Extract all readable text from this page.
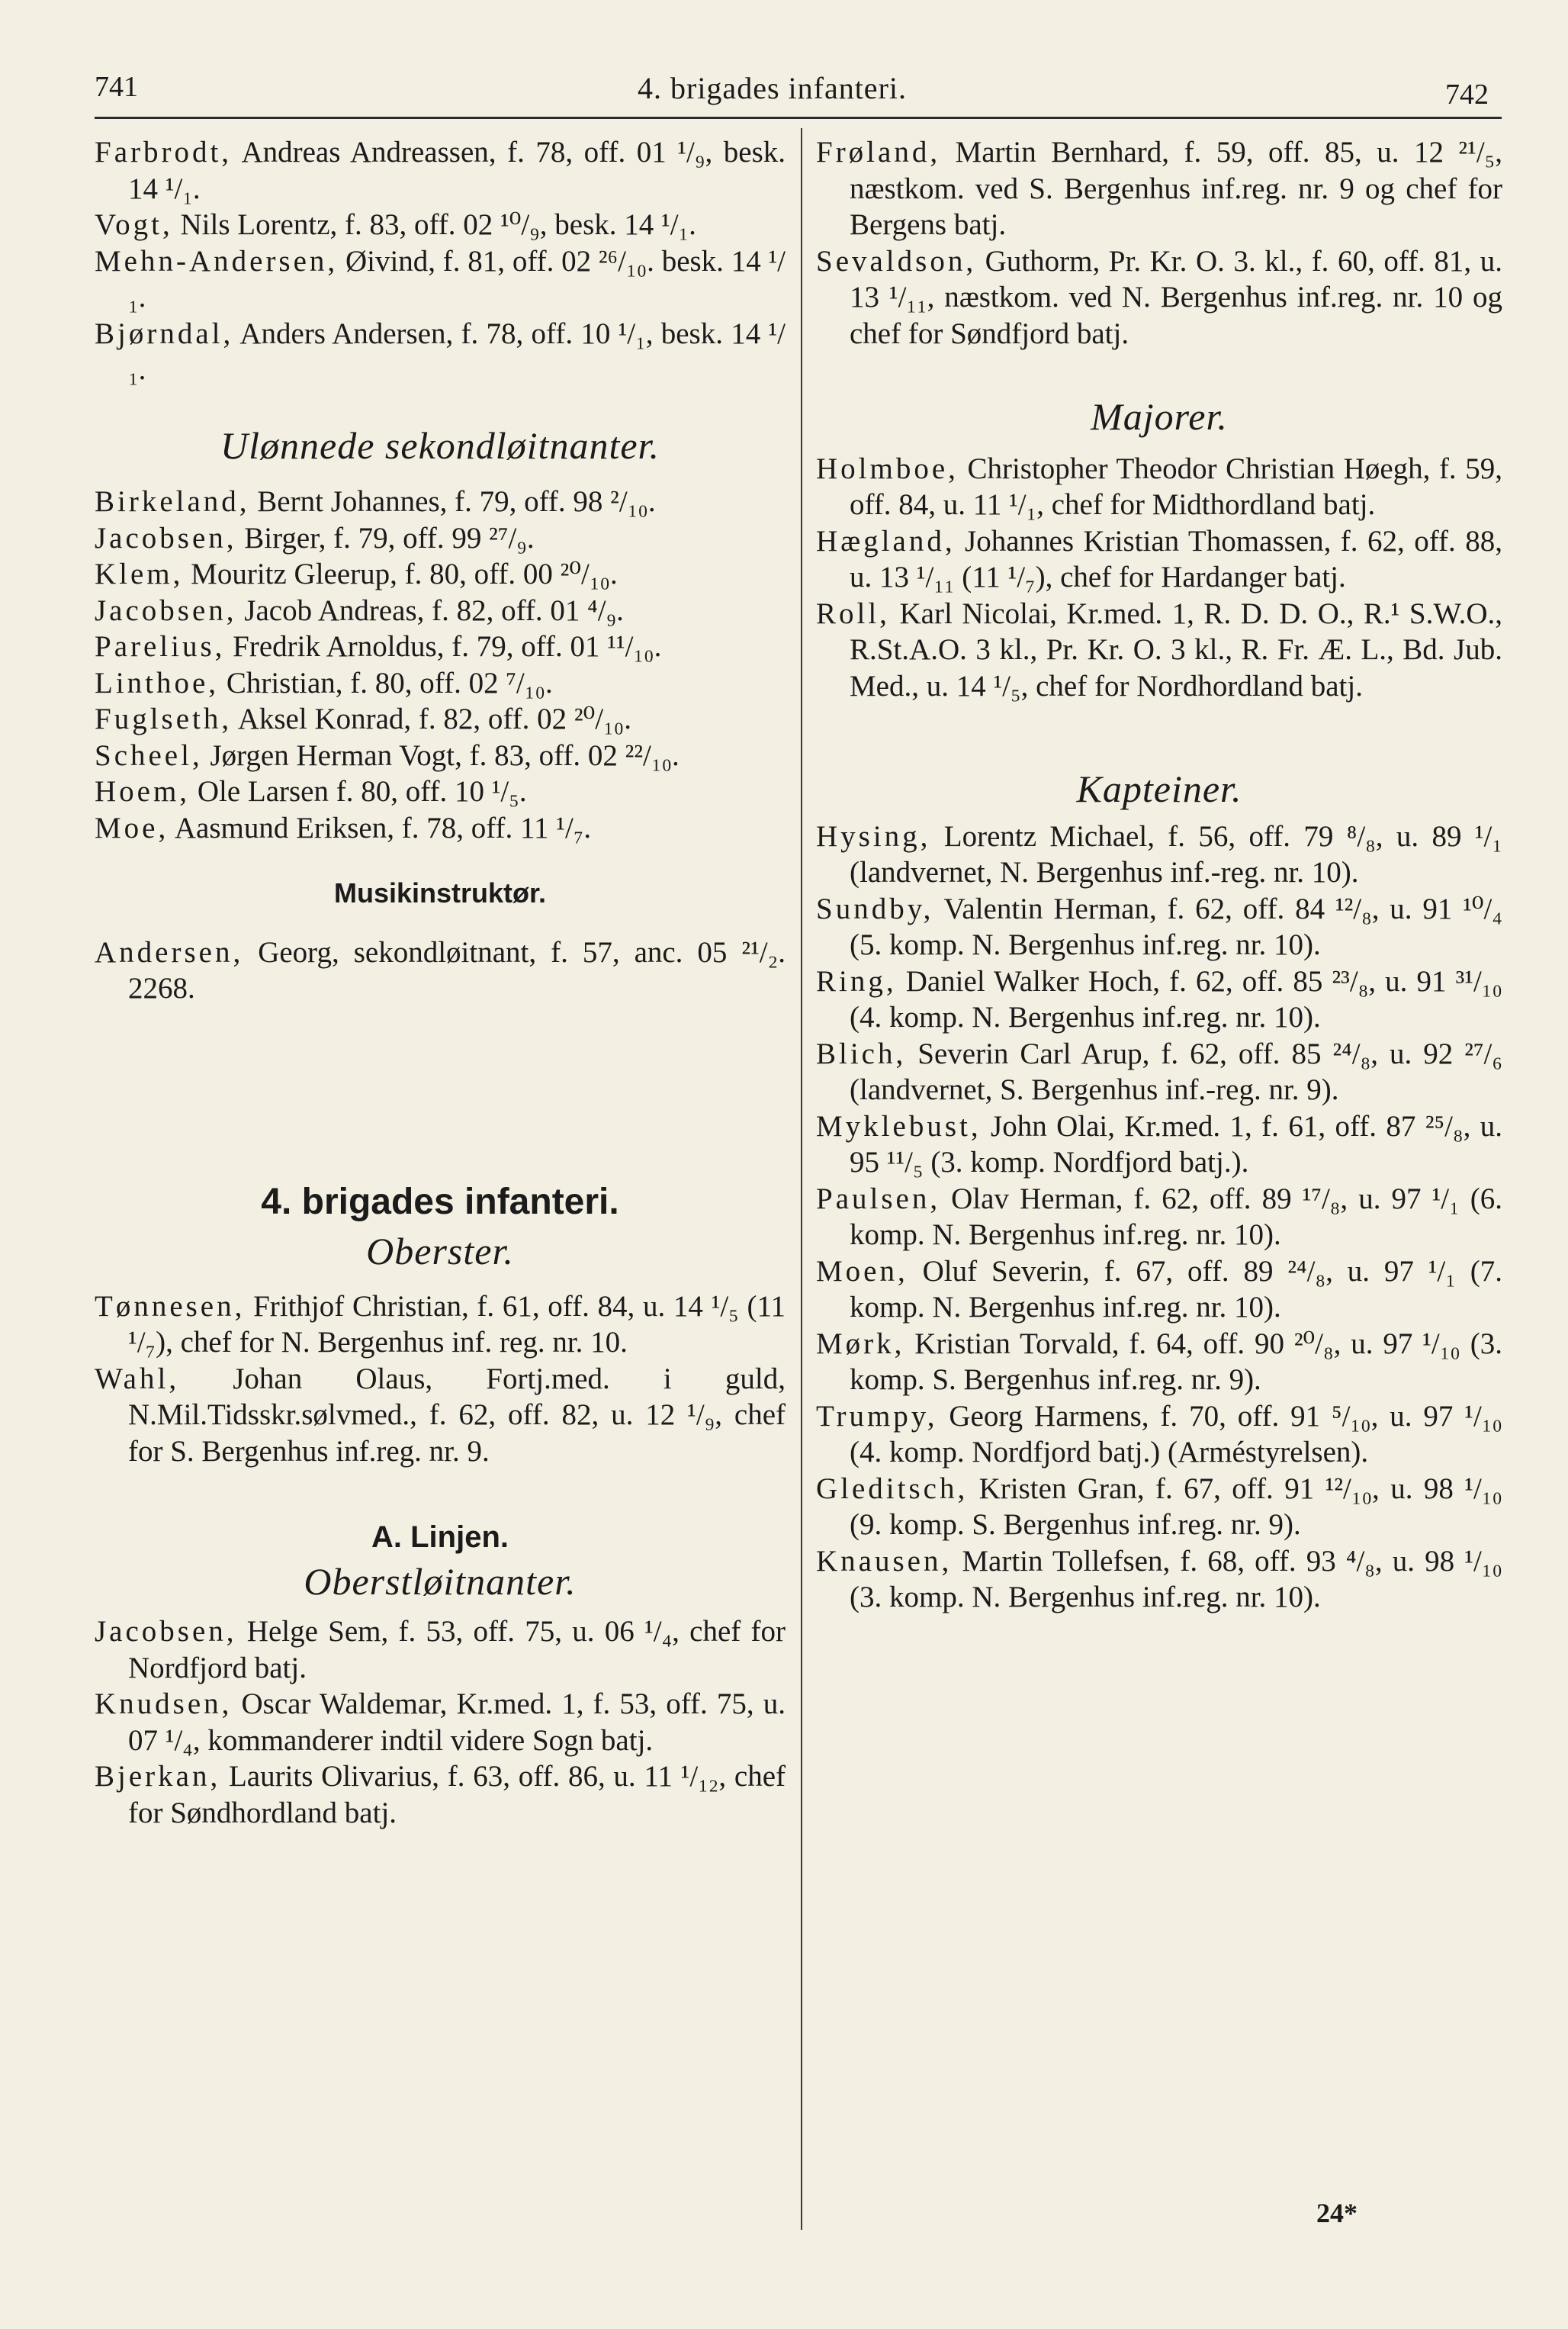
741	4. brigades infanteri.	742

Farbrodt, Andreas Andreassen, f. 78, off. 01 ¹/₉, besk. 14 ¹/₁.

Vogt, Nils Lorentz, f. 83, off. 02 ¹⁰/₉, besk. 14 ¹/₁.

Mehn-Andersen, Øivind, f. 81, off. 02 ²⁶/₁₀. besk. 14 ¹/₁.

Bjørndal, Anders Andersen, f. 78, off. 10 ¹/₁, besk. 14 ¹/₁.

Ulønnede sekondløitnanter.

Birkeland, Bernt Johannes, f. 79, off. 98 ²/₁₀.

Jacobsen, Birger, f. 79, off. 99 ²⁷/₉.

Klem, Mouritz Gleerup, f. 80, off. 00 ²⁰/₁₀.

Jacobsen, Jacob Andreas, f. 82, off. 01 ⁴/₉.

Parelius, Fredrik Arnoldus, f. 79, off. 01 ¹¹/₁₀.

Linthoe, Christian, f. 80, off. 02 ⁷/₁₀.

Fuglseth, Aksel Konrad, f. 82, off. 02 ²⁰/₁₀.

Scheel, Jørgen Herman Vogt, f. 83, off. 02 ²²/₁₀.

Hoem, Ole Larsen f. 80, off. 10 ¹/₅.

Moe, Aasmund Eriksen, f. 78, off. 11 ¹/₇.

Musikinstruktør.

Andersen, Georg, sekondløitnant, f. 57, anc. 05 ²¹/₂. 2268.

4. brigades infanteri.

Oberster.

Tønnesen, Frithjof Christian, f. 61, off. 84, u. 14 ¹/₅ (11 ¹/₇), chef for N. Bergenhus inf. reg. nr. 10.

Wahl, Johan Olaus, Fortj.med. i guld, N.Mil.Tidsskr.sølvmed., f. 62, off. 82, u. 12 ¹/₉, chef for S. Bergenhus inf.reg. nr. 9.

A. Linjen.

Oberstløitnanter.

Jacobsen, Helge Sem, f. 53, off. 75, u. 06 ¹/₄, chef for Nordfjord batj.

Knudsen, Oscar Waldemar, Kr.med. 1, f. 53, off. 75, u. 07 ¹/₄, kommanderer indtil videre Sogn batj.

Bjerkan, Laurits Olivarius, f. 63, off. 86, u. 11 ¹/₁₂, chef for Søndhordland batj.

Frøland, Martin Bernhard, f. 59, off. 85, u. 12 ²¹/₅, næstkom. ved S. Bergenhus inf.reg. nr. 9 og chef for Bergens batj.

Sevaldson, Guthorm, Pr. Kr. O. 3. kl., f. 60, off. 81, u. 13 ¹/₁₁, næstkom. ved N. Bergenhus inf.reg. nr. 10 og chef for Søndfjord batj.

Majorer.

Holmboe, Christopher Theodor Christian Høegh, f. 59, off. 84, u. 11 ¹/₁, chef for Midthordland batj.

Hægland, Johannes Kristian Thomassen, f. 62, off. 88, u. 13 ¹/₁₁ (11 ¹/₇), chef for Hardanger batj.

Roll, Karl Nicolai, Kr.med. 1, R. D. D. O., R.¹ S.W.O., R.St.A.O. 3 kl., Pr. Kr. O. 3 kl., R. Fr. Æ. L., Bd. Jub. Med., u. 14 ¹/₅, chef for Nordhordland batj.

Kapteiner.

Hysing, Lorentz Michael, f. 56, off. 79 ⁸/₈, u. 89 ¹/₁ (landvernet, N. Bergenhus inf.-reg. nr. 10).

Sundby, Valentin Herman, f. 62, off. 84 ¹²/₈, u. 91 ¹⁰/₄ (5. komp. N. Bergenhus inf.reg. nr. 10).

Ring, Daniel Walker Hoch, f. 62, off. 85 ²³/₈, u. 91 ³¹/₁₀ (4. komp. N. Bergenhus inf.reg. nr. 10).

Blich, Severin Carl Arup, f. 62, off. 85 ²⁴/₈, u. 92 ²⁷/₆ (landvernet, S. Bergenhus inf.-reg. nr. 9).

Myklebust, John Olai, Kr.med. 1, f. 61, off. 87 ²⁵/₈, u. 95 ¹¹/₅ (3. komp. Nordfjord batj.).

Paulsen, Olav Herman, f. 62, off. 89 ¹⁷/₈, u. 97 ¹/₁ (6. komp. N. Bergenhus inf.reg. nr. 10).

Moen, Oluf Severin, f. 67, off. 89 ²⁴/₈, u. 97 ¹/₁ (7. komp. N. Bergenhus inf.reg. nr. 10).

Mørk, Kristian Torvald, f. 64, off. 90 ²⁰/₈, u. 97 ¹/₁₀ (3. komp. S. Bergenhus inf.reg. nr. 9).

Trumpy, Georg Harmens, f. 70, off. 91 ⁵/₁₀, u. 97 ¹/₁₀ (4. komp. Nordfjord batj.) (Arméstyrelsen).

Gleditsch, Kristen Gran, f. 67, off. 91 ¹²/₁₀, u. 98 ¹/₁₀ (9. komp. S. Bergenhus inf.reg. nr. 9).

Knausen, Martin Tollefsen, f. 68, off. 93 ⁴/₈, u. 98 ¹/₁₀ (3. komp. N. Bergenhus inf.reg. nr. 10).

24*
